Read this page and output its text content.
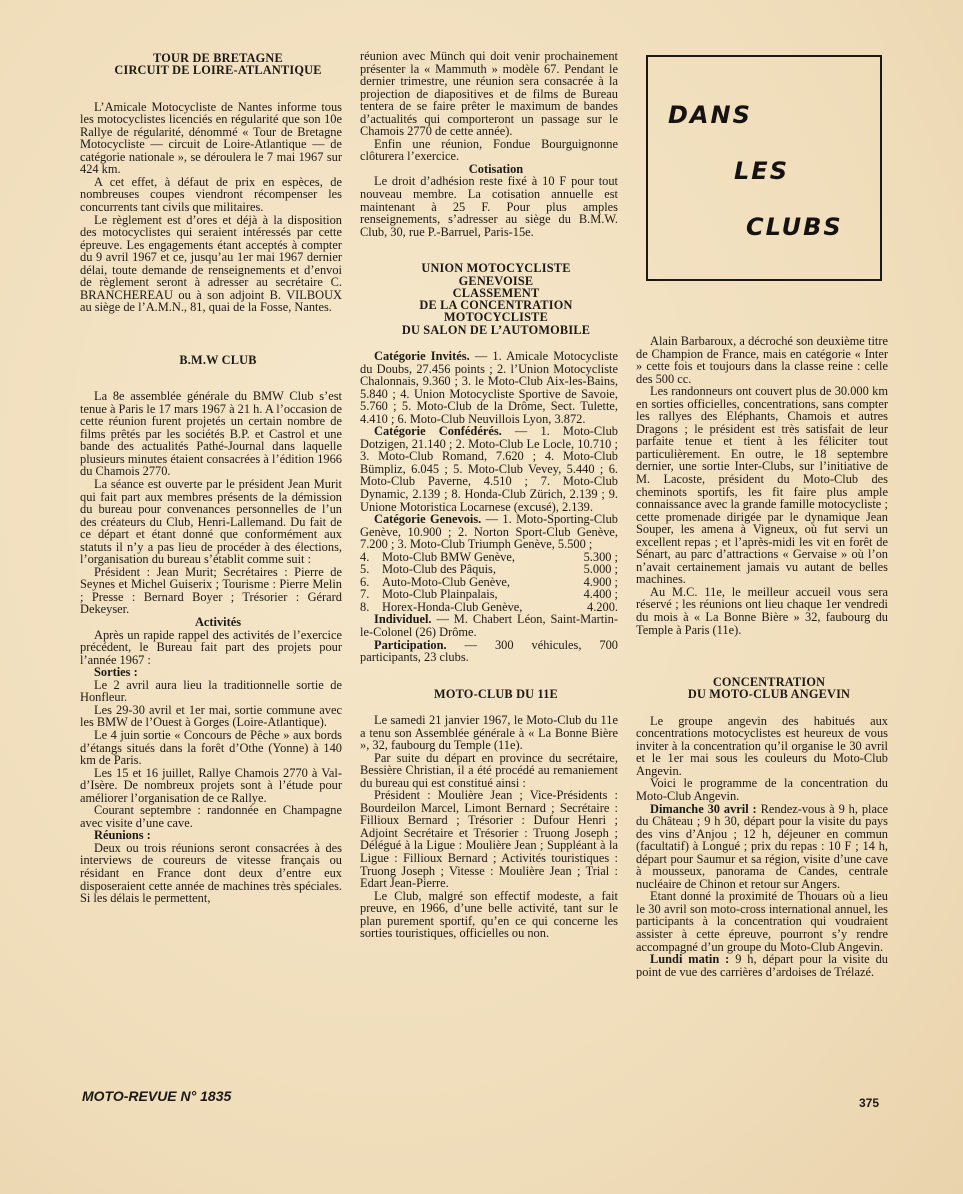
TOUR DE BRETAGNE

CIRCUIT DE LOIRE-ATLANTIQUE

L’Amicale Motocycliste de Nantes informe tous les motocyclistes licenciés en régularité que son 10e Rallye de régularité, dénommé « Tour de Bretagne Motocycliste — circuit de Loire-Atlantique — de catégorie nationale », se déroulera le 7 mai 1967 sur 424 km.

A cet effet, à défaut de prix en espèces, de nombreuses coupes viendront récompenser les concurrents tant civils que militaires.

Le règlement est d’ores et déjà à la disposition des motocyclistes qui seraient intéressés par cette épreuve. Les engagements étant acceptés à compter du 9 avril 1967 et ce, jusqu’au 1er mai 1967 dernier délai, toute demande de renseignements et d’envoi de règlement seront à adresser au secrétaire C. BRANCHEREAU ou à son adjoint B. VILBOUX au siège de l’A.M.N., 81, quai de la Fosse, Nantes.

B.M.W CLUB

La 8e assemblée générale du BMW Club s’est tenue à Paris le 17 mars 1967 à 21 h. A l’occasion de cette réunion furent projetés un certain nombre de films prêtés par les sociétés B.P. et Castrol et une bande des actualités Pathé-Journal dans laquelle plusieurs minutes étaient consacrées à l’édition 1966 du Chamois 2770.

La séance est ouverte par le président Jean Murit qui fait part aux membres présents de la démission du bureau pour convenances personnelles de l’un des créateurs du Club, Henri-Lallemand. Du fait de ce départ et étant donné que conformément aux statuts il n’y a pas lieu de procéder à des élections, l’organisation du bureau s’établit comme suit :

Président : Jean Murit; Secrétaires : Pierre de Seynes et Michel Guiserix ; Tourisme : Pierre Melin ; Presse : Bernard Boyer ; Trésorier : Gérard Dekeyser.

Activités

Après un rapide rappel des activités de l’exercice précédent, le Bureau fait part des projets pour l’année 1967 :

Sorties :

Le 2 avril aura lieu la traditionnelle sortie de Honfleur.

Les 29-30 avril et 1er mai, sortie commune avec les BMW de l’Ouest à Gorges (Loire-Atlantique).

Le 4 juin sortie « Concours de Pêche » aux bords d’étangs situés dans la forêt d’Othe (Yonne) à 140 km de Paris.

Les 15 et 16 juillet, Rallye Chamois 2770 à Val-d’Isère. De nombreux projets sont à l’étude pour améliorer l’organisation de ce Rallye.

Courant septembre : randonnée en Champagne avec visite d’une cave.

Réunions :

Deux ou trois réunions seront consacrées à des interviews de coureurs de vitesse français ou résidant en France dont deux d’entre eux disposeraient cette année de machines très spéciales. Si les délais le permettent,

réunion avec Münch qui doit venir prochainement présenter la « Mammuth » modèle 67. Pendant le dernier trimestre, une réunion sera consacrée à la projection de diapositives et de films de Bureau tentera de se faire prêter le maximum de bandes d’actualités qui comporteront un passage sur le Chamois 2770 de cette année).

Enfin une réunion, Fondue Bourguignonne clôturera l’exercice.

Cotisation

Le droit d’adhésion reste fixé à 10 F pour tout nouveau membre. La cotisation annuelle est maintenant à 25 F. Pour plus amples renseignements, s’adresser au siège du B.M.W. Club, 30, rue P.-Barruel, Paris-15e.

UNION MOTOCYCLISTE

GENEVOISE

CLASSEMENT

DE LA CONCENTRATION

MOTOCYCLISTE

DU SALON DE L’AUTOMOBILE

Catégorie Invités. — 1. Amicale Motocycliste du Doubs, 27.456 points ; 2. l’Union Motocycliste Chalonnais, 9.360 ; 3. le Moto-Club Aix-les-Bains, 5.840 ; 4. Union Motocycliste Sportive de Savoie, 5.760 ; 5. Moto-Club de la Drôme, Sect. Tulette, 4.410 ; 6. Moto-Club Neuvillois Lyon, 3.872.

Catégorie Confédérés. — 1. Moto-Club Dotzigen, 21.140 ; 2. Moto-Club Le Locle, 10.710 ; 3. Moto-Club Romand, 7.620 ; 4. Moto-Club Bümpliz, 6.045 ; 5. Moto-Club Vevey, 5.440 ; 6. Moto-Club Paverne, 4.510 ; 7. Moto-Club Dynamic, 2.139 ; 8. Honda-Club Zürich, 2.139 ; 9. Unione Motoristica Locarnese (excusé), 2.139.

Catégorie Genevois. — 1. Moto-Sporting-Club Genève, 10.900 ; 2. Norton Sport-Club Genève, 7.200 ; 3. Moto-Club Triumph Genève, 5.500 ;

4.	Moto-Club BMW Genève,	5.300 ;
5.	Moto-Club des Pâquis,	5.000 ;
6.	Auto-Moto-Club Genève,	4.900 ;
7.	Moto-Club Plainpalais,	4.400 ;
8.	Horex-Honda-Club Genève,	4.200.

Individuel. — M. Chabert Léon, Saint-Martin-le-Colonel (26) Drôme.

Participation. — 300 véhicules, 700 participants, 23 clubs.

MOTO-CLUB DU 11E

Le samedi 21 janvier 1967, le Moto-Club du 11e a tenu son Assemblée générale à « La Bonne Bière », 32, faubourg du Temple (11e).

Par suite du départ en province du secrétaire, Bessière Christian, il a été procédé au remaniement du bureau qui est constitué ainsi :

Président : Moulière Jean ; Vice-Présidents : Bourdeilon Marcel, Limont Bernard ; Secrétaire : Fillioux Bernard ; Trésorier : Dufour Henri ; Adjoint Secrétaire et Trésorier : Truong Joseph ; Délégué à la Ligue : Moulière Jean ; Suppléant à la Ligue : Fillioux Bernard ; Activités touristiques : Truong Joseph ; Vitesse : Moulière Jean ; Trial : Edart Jean-Pierre.

Le Club, malgré son effectif modeste, a fait preuve, en 1966, d’une belle activité, tant sur le plan purement sportif, qu’en ce qui concerne les sorties touristiques, officielles ou non.

DANS
LES
CLUBS

Alain Barbaroux, a décroché son deuxième titre de Champion de France, mais en catégorie « Inter » cette fois et toujours dans la classe reine : celle des 500 cc.

Les randonneurs ont couvert plus de 30.000 km en sorties officielles, concentrations, sans compter les rallyes des Eléphants, Chamois et autres Dragons ; le président est très satisfait de leur parfaite tenue et tient à les féliciter tout particulièrement. En outre, le 18 septembre dernier, une sortie Inter-Clubs, sur l’initiative de M. Lacoste, président du Moto-Club des cheminots sportifs, les fit faire plus ample connaissance avec la grande famille motocycliste ; cette promenade dirigée par le dynamique Jean Souper, les amena à Vigneux, où fut servi un excellent repas ; et l’après-midi les vit en forêt de Sénart, au parc d’attractions « Gervaise » où l’on n’avait certainement jamais vu autant de belles machines.

Au M.C. 11e, le meilleur accueil vous sera réservé ; les réunions ont lieu chaque 1er vendredi du mois à « La Bonne Bière » 32, faubourg du Temple à Paris (11e).

CONCENTRATION

DU MOTO-CLUB ANGEVIN

Le groupe angevin des habitués aux concentrations motocyclistes est heureux de vous inviter à la concentration qu’il organise le 30 avril et le 1er mai sous les couleurs du Moto-Club Angevin.

Voici le programme de la concentration du Moto-Club Angevin.

Dimanche 30 avril : Rendez-vous à 9 h, place du Château ; 9 h 30, départ pour la visite du pays des vins d’Anjou ; 12 h, déjeuner en commun (facultatif) à Longué ; prix du repas : 10 F ; 14 h, départ pour Saumur et sa région, visite d’une cave à mousseux, panorama de Candes, centrale nucléaire de Chinon et retour sur Angers.

Etant donné la proximité de Thouars où a lieu le 30 avril son moto-cross international annuel, les participants à la concentration qui voudraient assister à cette épreuve, pourront s’y rendre accompagné d’un groupe du Moto-Club Angevin.

Lundi matin : 9 h, départ pour la visite du point de vue des carrières d’ardoises de Trélazé.

MOTO-REVUE N° 1835	375
